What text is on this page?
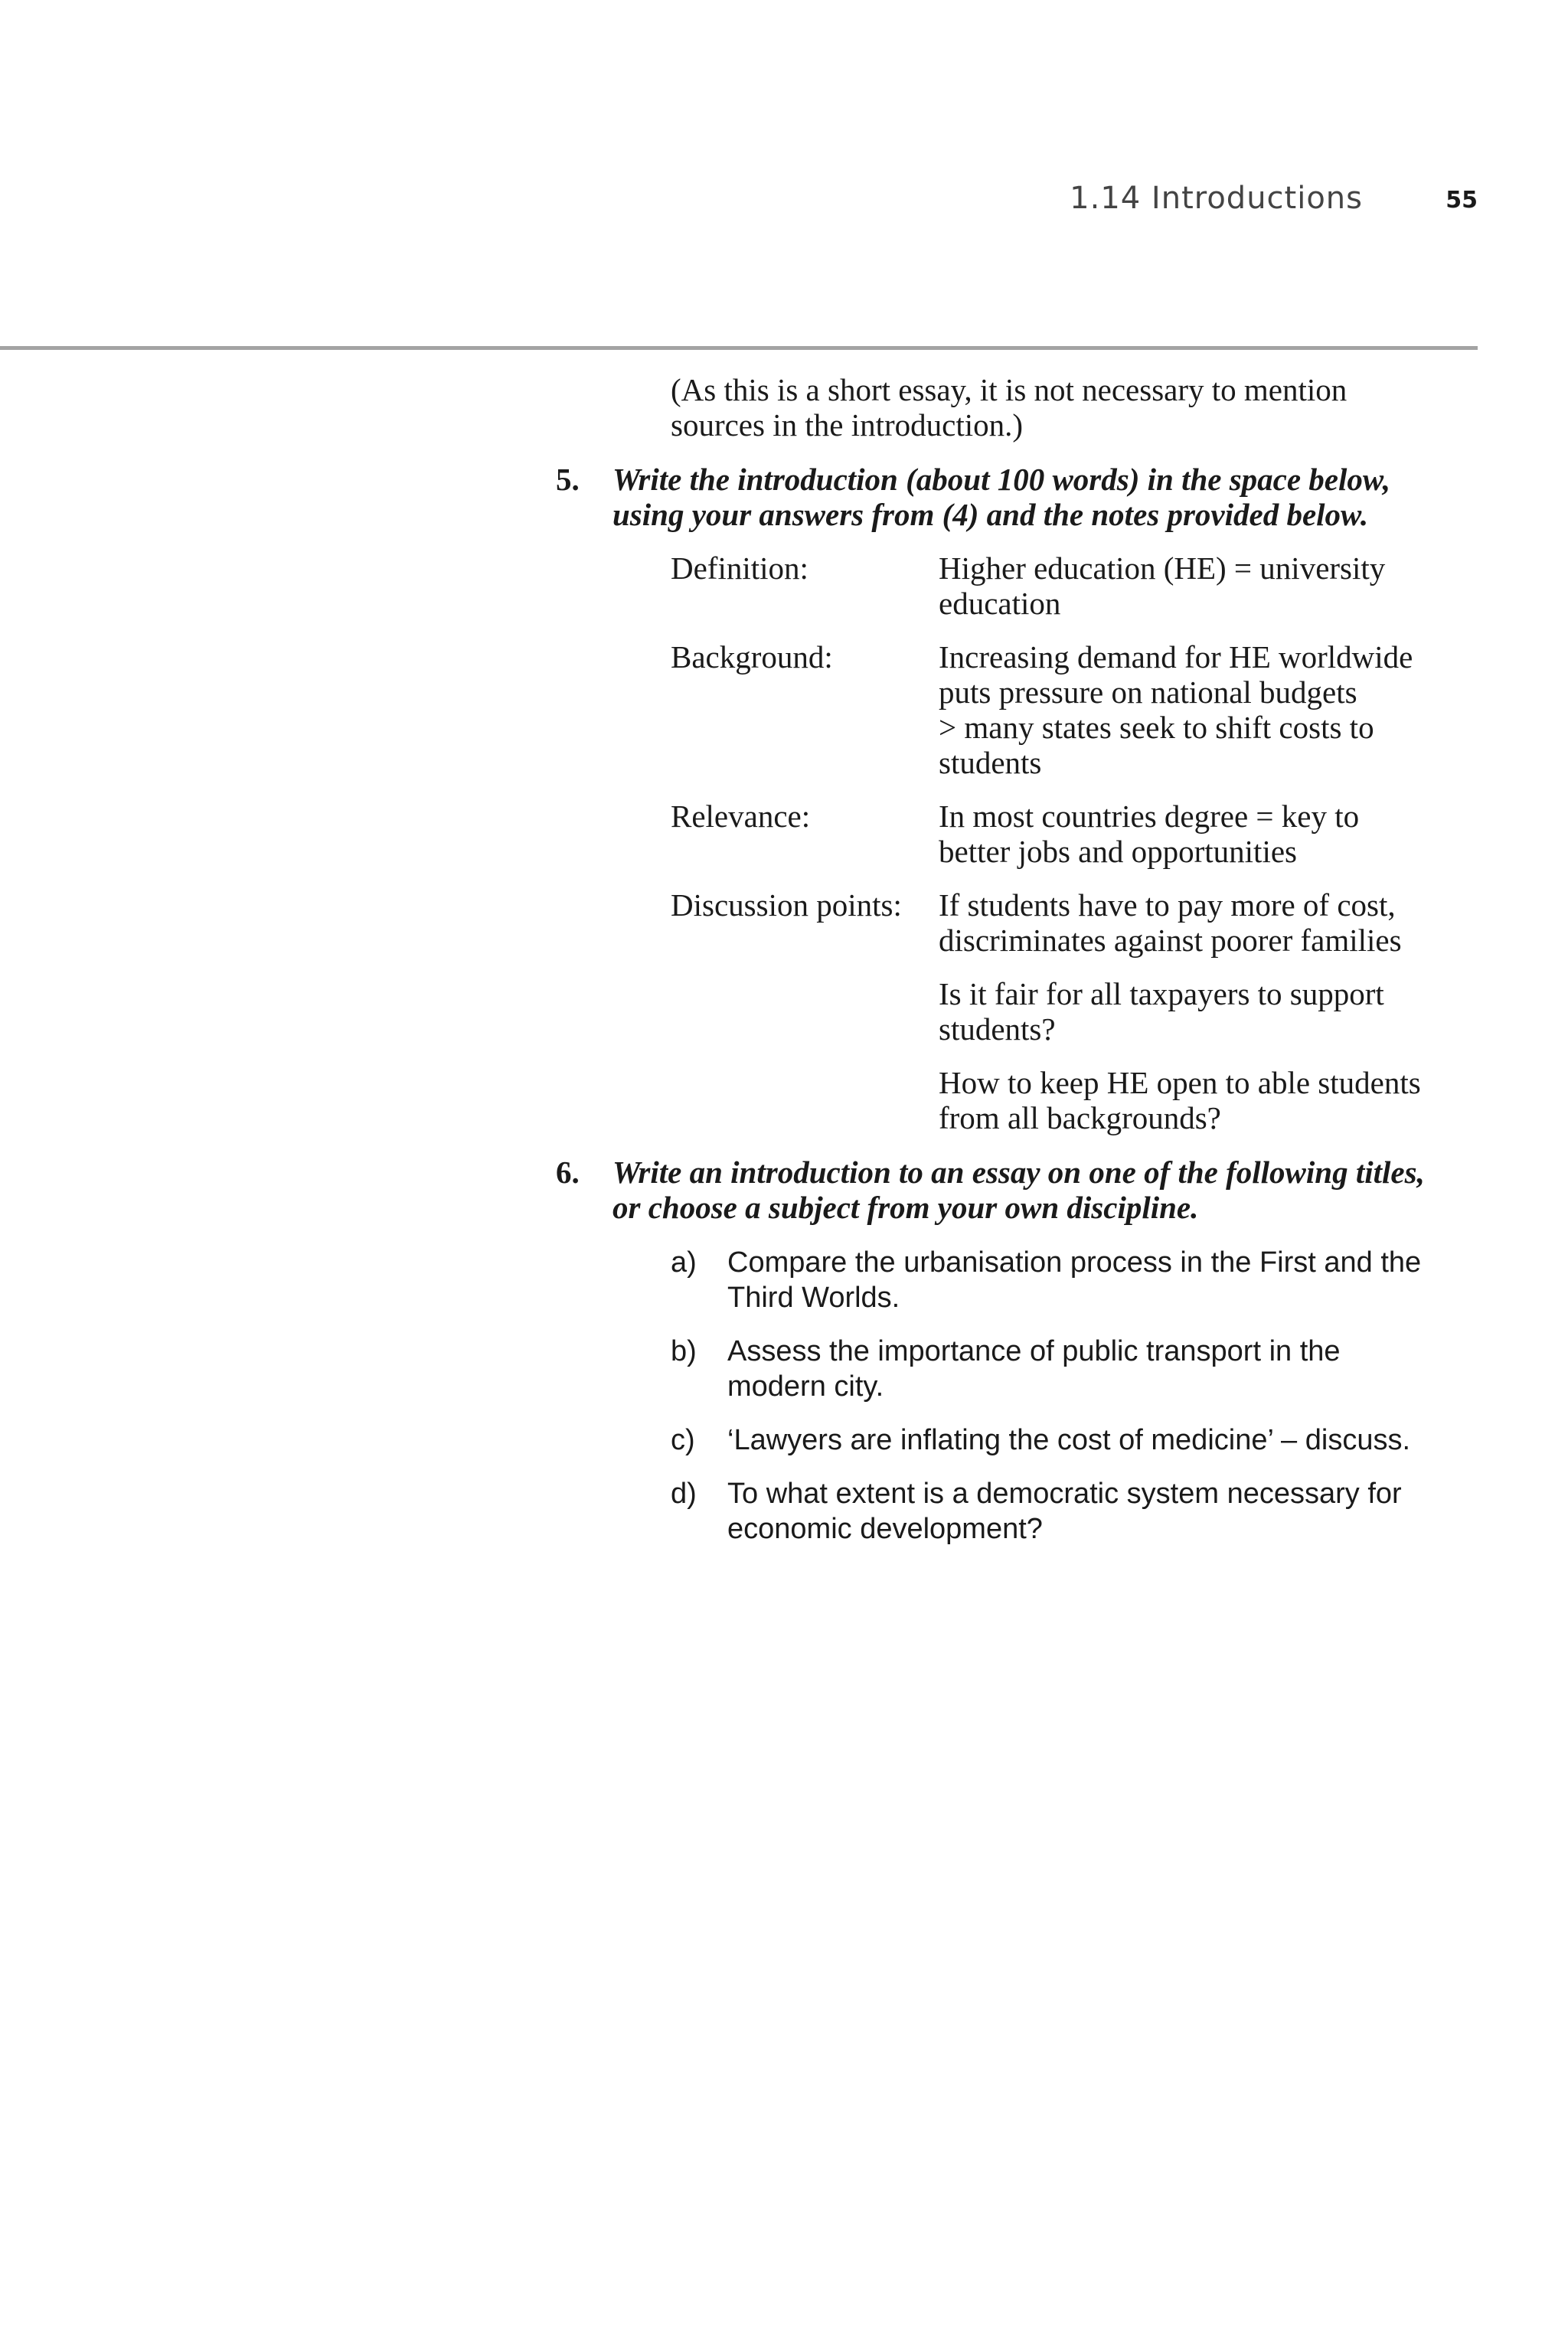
1.14 Introductions	55

(As this is a short essay, it is not necessary to mention
sources in the introduction.)

5. Write the introduction (about 100 words) in the space below,
using your answers from (4) and the notes provided below.
Definition:	Higher education (HE) = university
education
Background:	Increasing demand for HE worldwide
puts pressure on national budgets
> many states seek to shift costs to
students
Relevance:	In most countries degree = key to
better jobs and opportunities
Discussion points: If students have to pay more of cost,
discriminates against poorer families
Is it fair for all taxpayers to support
students?
How to keep HE open to able students
from all backgrounds?
6. Write an introduction to an essay on one of the following titles,
or choose a subject from your own discipline.
a) Compare the urbanisation process in the First and the
Third Worlds.
b) Assess the importance of public transport in the
modern city.
c) ‘Lawyers are inflating the cost of medicine’ – discuss.
d) To what extent is a democratic system necessary for
economic development?
